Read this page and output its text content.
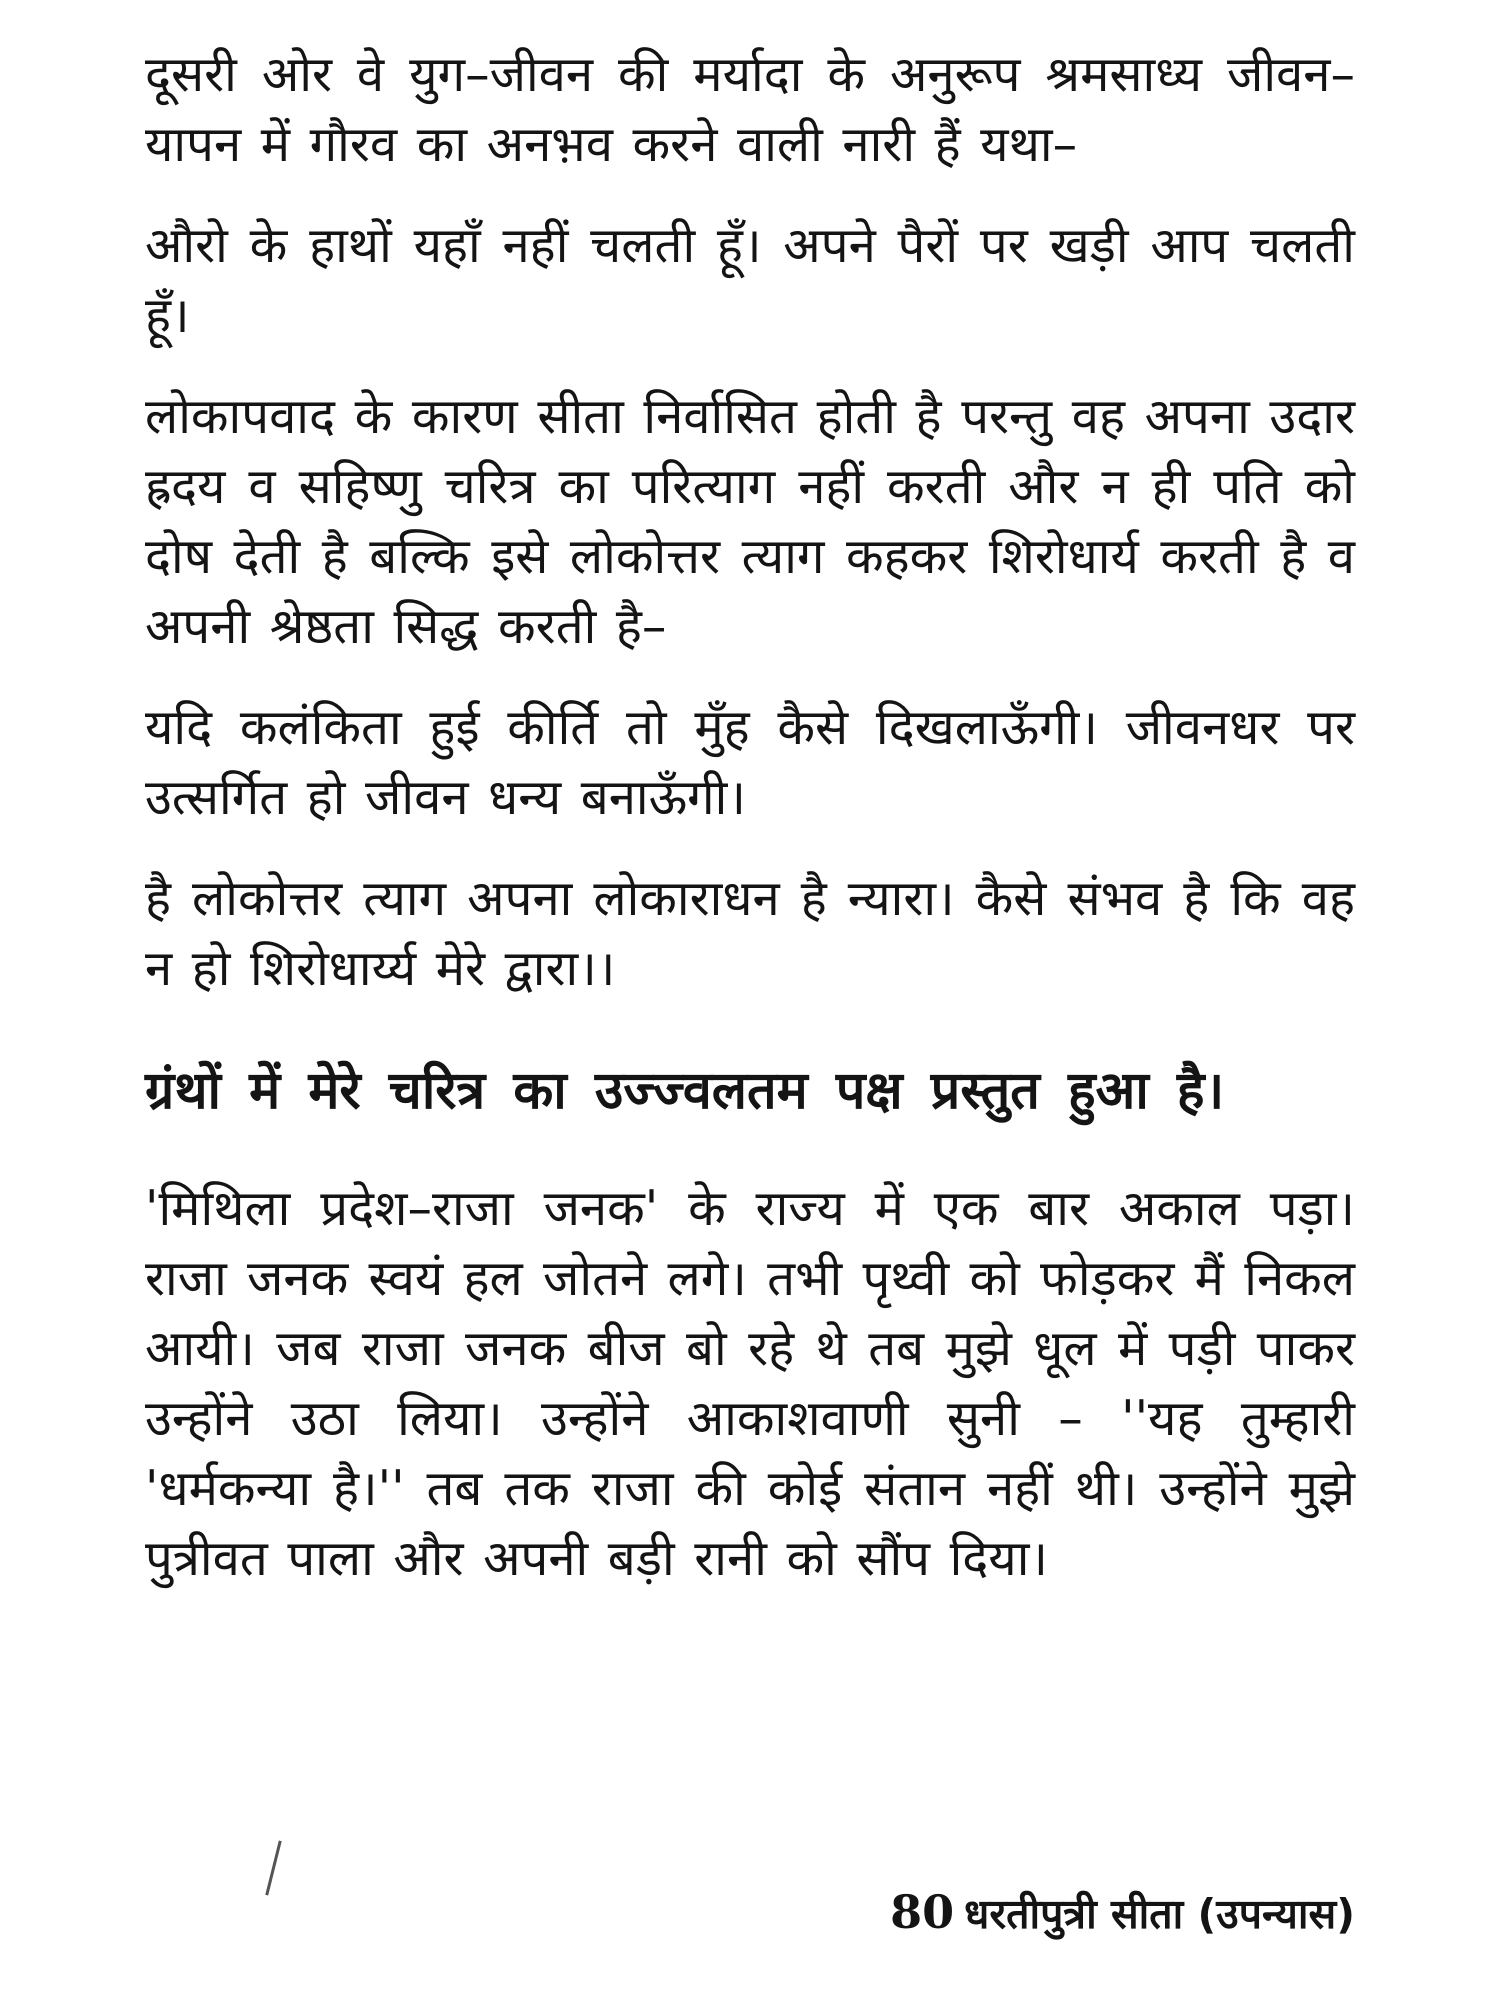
दूसरी ओर वे युग–जीवन की मर्यादा के अनुरूप श्रमसाध्य जीवन–यापन में गौरव का अनभ़व करने वाली नारी हैं यथा–

औरो के हाथों यहाँ नहीं चलती हूँ। अपने पैरों पर खड़ी आप चलती हूँ।

लोकापवाद के कारण सीता निर्वासित होती है परन्तु वह अपना उदार ह्रदय व सहिष्णु चरित्र का परित्याग नहीं करती और न ही पति को दोष देती है बल्कि इसे लोकोत्तर त्याग कहकर शिरोधार्य करती है व अपनी श्रेष्ठता सिद्ध करती है–

यदि कलंकिता हुई कीर्ति तो मुँह कैसे दिखलाऊँगी। जीवनधर पर उत्सर्गित हो जीवन धन्य बनाऊँगी।

है लोकोत्तर त्याग अपना लोकाराधन है न्यारा। कैसे संभव है कि वह न हो शिरोधार्य्य मेरे द्वारा।।

ग्रंथों में मेरे चरित्र का उज्ज्वलतम पक्ष प्रस्तुत हुआ है।

'मिथिला प्रदेश–राजा जनक' के राज्य में एक बार अकाल पड़ा। राजा जनक स्वयं हल जोतने लगे। तभी पृथ्वी को फोड़कर मैं निकल आयी। जब राजा जनक बीज बो रहे थे तब मुझे धूल में पड़ी पाकर उन्होंने उठा लिया। उन्होंने आकाशवाणी सुनी – ''यह तुम्हारी 'धर्मकन्या है।'' तब तक राजा की कोई संतान नहीं थी। उन्होंने मुझे पुत्रीवत पाला और अपनी बड़ी रानी को सौंप दिया।

80 धरतीपुत्री सीता (उपन्यास)
